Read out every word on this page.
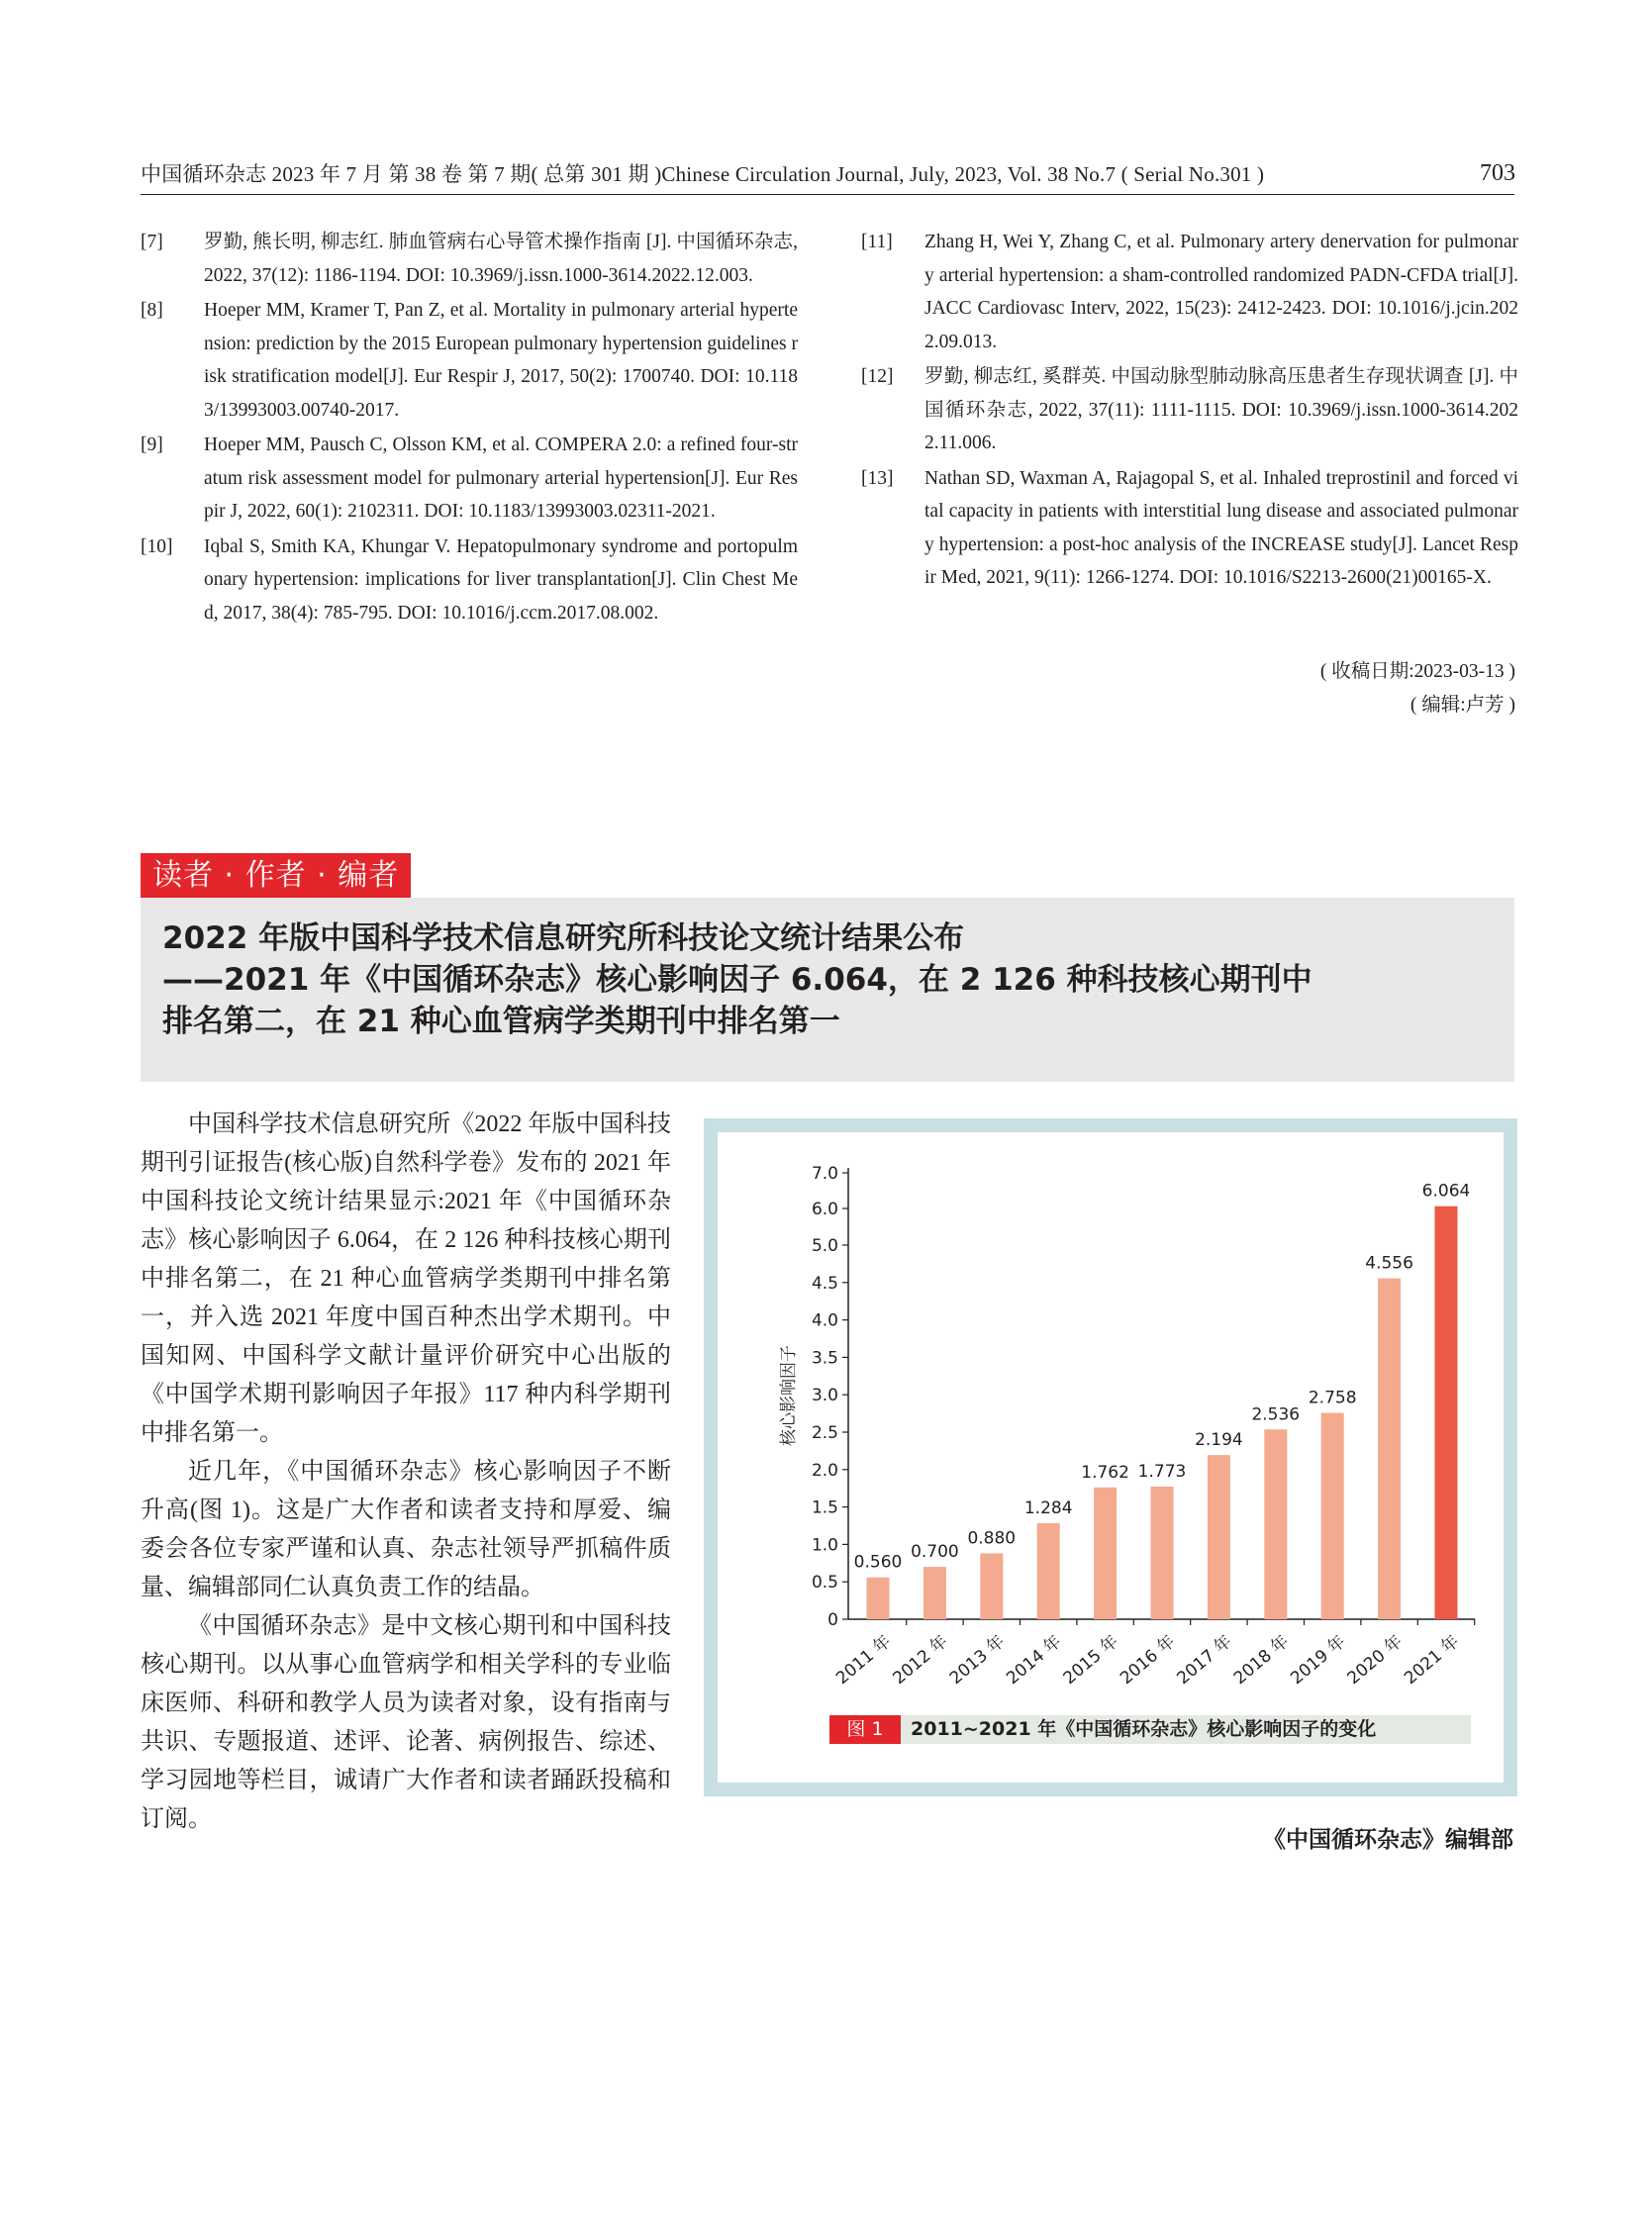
中国循环杂志 2023 年 7 月 第 38 卷 第 7 期( 总第 301 期 )Chinese Circulation Journal, July, 2023, Vol. 38 No.7 ( Serial No.301 )	703
[7]	罗勤, 熊长明, 柳志红. 肺血管病右心导管术操作指南 [J]. 中国循环杂志, 2022, 37(12): 1186-1194. DOI: 10.3969/j.issn.1000-3614.2022.12.003.
[8]	Hoeper MM, Kramer T, Pan Z, et al. Mortality in pulmonary arterial hypertension: prediction by the 2015 European pulmonary hypertension guidelines risk stratification model[J]. Eur Respir J, 2017, 50(2): 1700740. DOI: 10.1183/13993003.00740-2017.
[9]	Hoeper MM, Pausch C, Olsson KM, et al. COMPERA 2.0: a refined four-stratum risk assessment model for pulmonary arterial hypertension[J]. Eur Respir J, 2022, 60(1): 2102311. DOI: 10.1183/13993003.02311-2021.
[10]	Iqbal S, Smith KA, Khungar V. Hepatopulmonary syndrome and portopulmonary hypertension: implications for liver transplantation[J]. Clin Chest Med, 2017, 38(4): 785-795. DOI: 10.1016/j.ccm.2017.08.002.
[11]	Zhang H, Wei Y, Zhang C, et al. Pulmonary artery denervation for pulmonary arterial hypertension: a sham-controlled randomized PADN-CFDA trial[J]. JACC Cardiovasc Interv, 2022, 15(23): 2412-2423. DOI: 10.1016/j.jcin.2022.09.013.
[12]	罗勤, 柳志红, 奚群英. 中国动脉型肺动脉高压患者生存现状调查 [J]. 中国循环杂志, 2022, 37(11): 1111-1115. DOI: 10.3969/j.issn.1000-3614.2022.11.006.
[13]	Nathan SD, Waxman A, Rajagopal S, et al. Inhaled treprostinil and forced vital capacity in patients with interstitial lung disease and associated pulmonary hypertension: a post-hoc analysis of the INCREASE study[J]. Lancet Respir Med, 2021, 9(11): 1266-1274. DOI: 10.1016/S2213-2600(21)00165-X.
( 收稿日期:2023-03-13 )
( 编辑:卢芳 )
读者 · 作者 · 编者
2022 年版中国科学技术信息研究所科技论文统计结果公布
——2021 年《中国循环杂志》核心影响因子 6.064，在 2 126 种科技核心期刊中
排名第二，在 21 种心血管病学类期刊中排名第一

中国科学技术信息研究所《2022 年版中国科技期刊引证报告(核心版)自然科学卷》发布的 2021 年中国科技论文统计结果显示:2021 年《中国循环杂志》核心影响因子 6.064，在 2 126 种科技核心期刊中排名第二，在 21 种心血管病学类期刊中排名第一，并入选 2021 年度中国百种杰出学术期刊。中国知网、中国科学文献计量评价研究中心出版的《中国学术期刊影响因子年报》117 种内科学期刊中排名第一。

近几年，《中国循环杂志》核心影响因子不断升高(图 1)。这是广大作者和读者支持和厚爱、编委会各位专家严谨和认真、杂志社领导严抓稿件质量、编辑部同仁认真负责工作的结晶。

《中国循环杂志》是中文核心期刊和中国科技核心期刊。以从事心血管病学和相关学科的专业临床医师、科研和教学人员为读者对象，设有指南与共识、专题报道、述评、论著、病例报告、综述、学习园地等栏目，诚请广大作者和读者踊跃投稿和订阅。

0
0.5
1.0
1.5
2.0
2.5
3.0
3.5
4.0
4.5
5.0
6.0
7.0
核心影响因子
0.560
2011 年
0.700
2012 年
0.880
2013 年
1.284
2014 年
1.762
2015 年
1.773
2016 年
2.194
2017 年
2.536
2018 年
2.758
2019 年
4.556
2020 年
6.064
2021 年
图 1	2011~2021 年《中国循环杂志》核心影响因子的变化
《中国循环杂志》编辑部
